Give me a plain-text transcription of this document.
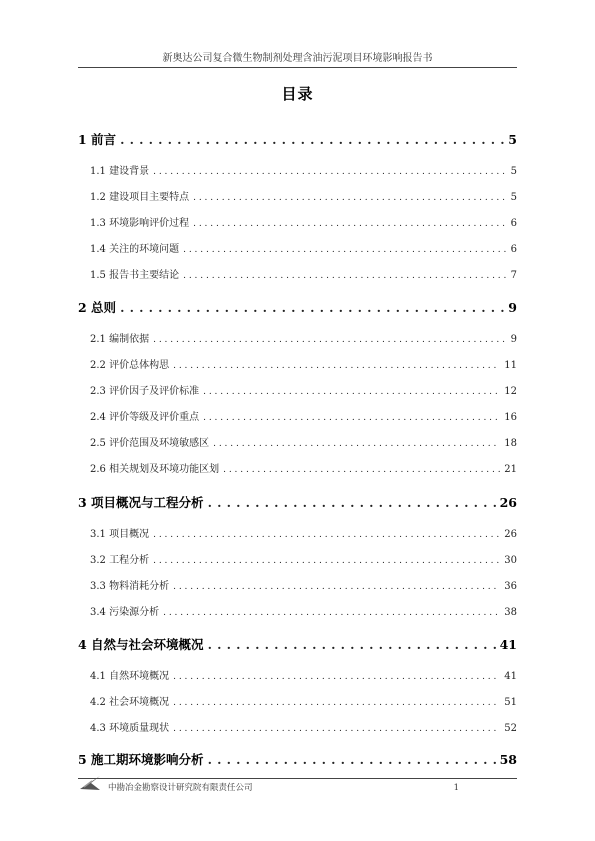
新奥达公司复合微生物制剂处理含油污泥项目环境影响报告书
目录
1 前言 . . .	5
1.1 建设背景 . . .	5
1.2 建设项目主要特点 . . .	5
1.3 环境影响评价过程 . . .	6
1.4 关注的环境问题 . . .	6
1.5 报告书主要结论 . . .	7
2 总则 . . .	9
2.1 编制依据 . . .	9
2.2 评价总体构思 . . .	11
2.3 评价因子及评价标准 . . .	12
2.4 评价等级及评价重点 . . .	16
2.5 评价范围及环境敏感区 . . .	18
2.6 相关规划及环境功能区划 . . .	21
3 项目概况与工程分析 . . .	26
3.1 项目概况 . . .	26
3.2 工程分析 . . .	30
3.3 物料消耗分析 . . .	36
3.4 污染源分析 . . .	38
4 自然与社会环境概况 . . .	41
4.1 自然环境概况 . . .	41
4.2 社会环境概况 . . .	51
4.3 环境质量现状 . . .	52
5 施工期环境影响分析 . . .	58
中勘冶金勘察设计研究院有限责任公司	1
